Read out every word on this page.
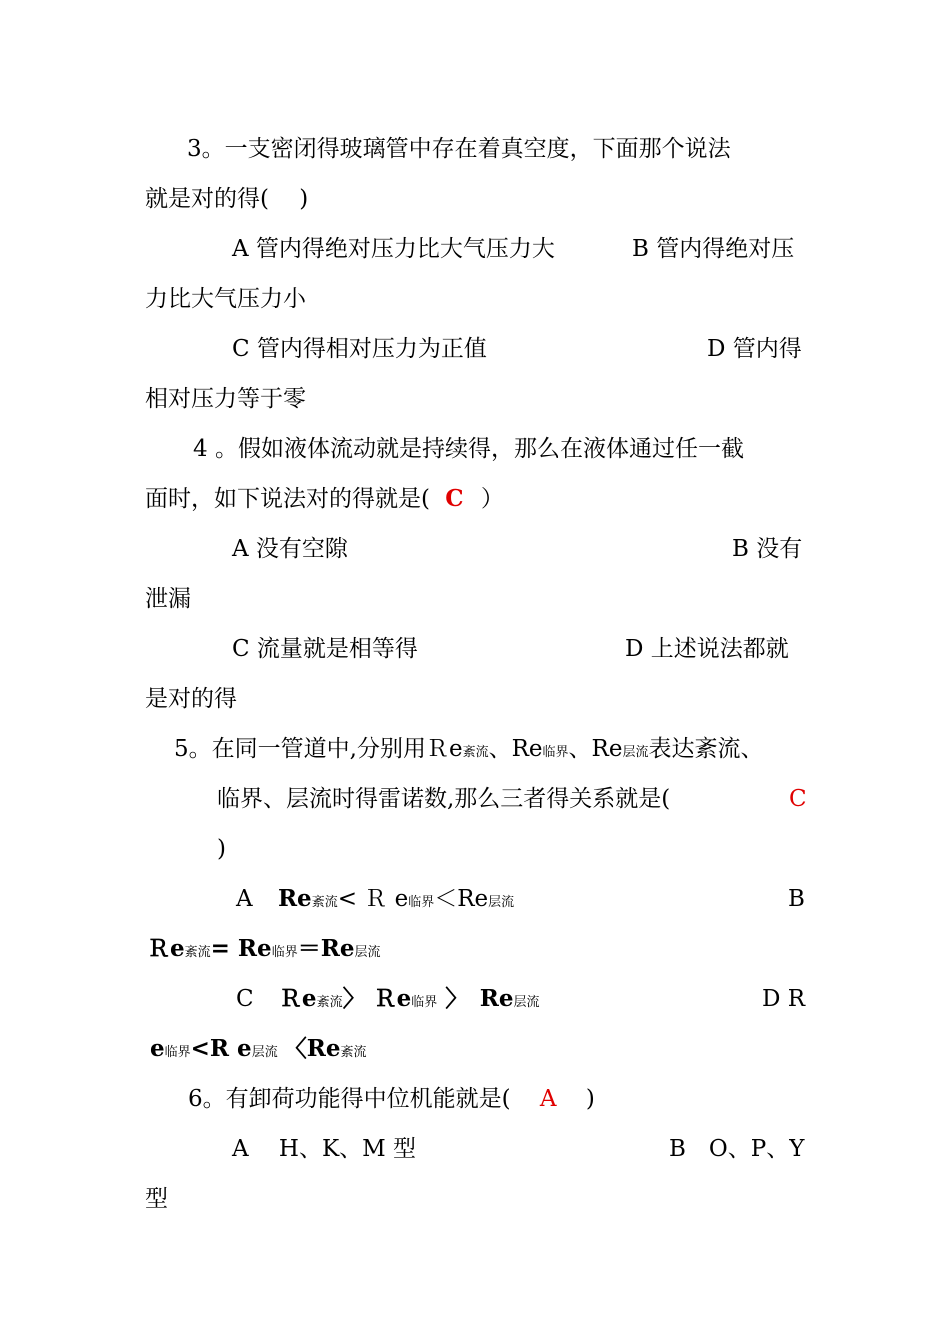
3。一支密闭得玻璃管中存在着真空度，下面那个说法
就是对的得(　 )
A 管内得绝对压力比大气压力大	B 管内得绝对压
力比大气压力小
C 管内得相对压力为正值	D 管内得
相对压力等于零
4 。假如液体流动就是持续得，那么在液体通过任一截
面时，如下说法对的得就是( C ）
A 没有空隙	B 没有
泄漏
C 流量就是相等得	D 上述说法都就
是对的得
5。在同一管道中,分别用Ｒe紊流、Re临界、Re层流表达紊流、
临界、层流时得雷诺数,那么三者得关系就是(	C
)
A Re紊流< Ｒ e临界＜Re层流	B
Ｒe紊流= Re临界＝Re层流
C Ｒe紊流〉 Ｒe临界 〉　Re层流	D R
e临界<R e层流 〈Re紊流
6。有卸荷功能得中位机能就是( A )
A　 H、K、M 型	B　O、P、Y
型
